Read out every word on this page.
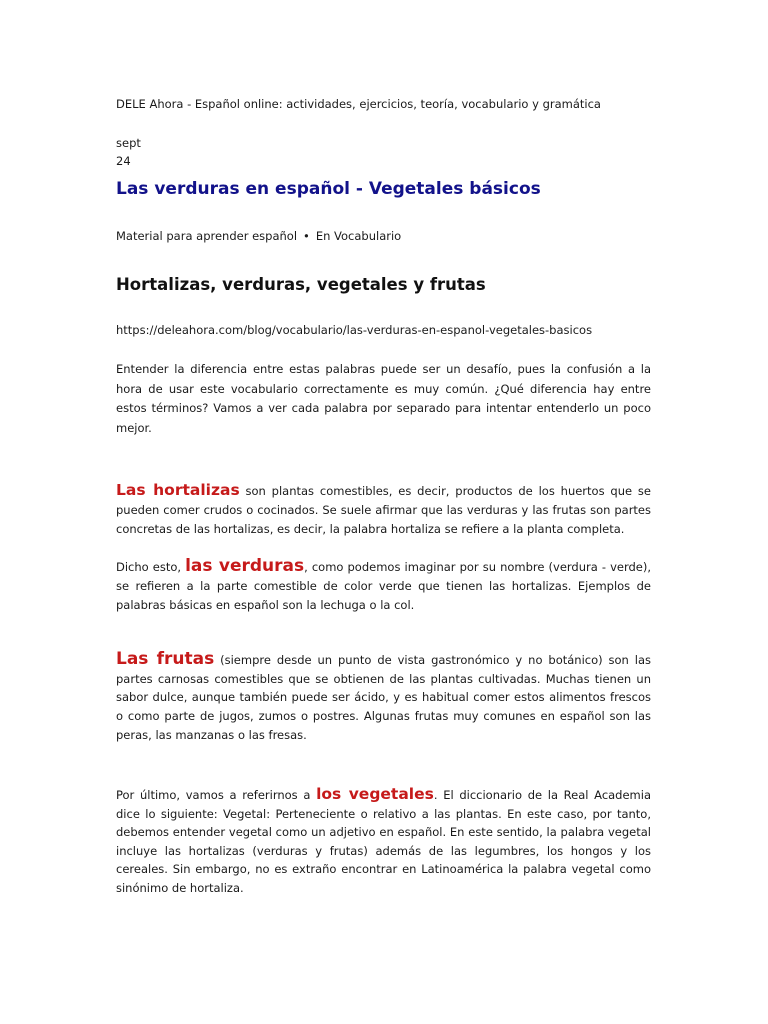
DELE Ahora - Español online: actividades, ejercicios, teoría, vocabulario y gramática
sept
24
Las verduras en español - Vegetales básicos
Material para aprender español • En Vocabulario
Hortalizas, verduras, vegetales y frutas
https://deleahora.com/blog/vocabulario/las-verduras-en-espanol-vegetales-basicos

Entender la diferencia entre estas palabras puede ser un desafío, pues la confusión a la hora de usar este vocabulario correctamente es muy común. ¿Qué diferencia hay entre estos términos? Vamos a ver cada palabra por separado para intentar entenderlo un poco mejor.

Las hortalizas son plantas comestibles, es decir, productos de los huertos que se pueden comer crudos o cocinados. Se suele afirmar que las verduras y las frutas son partes concretas de las hortalizas, es decir, la palabra hortaliza se refiere a la planta completa.

Dicho esto, las verduras, como podemos imaginar por su nombre (verdura - verde), se refieren a la parte comestible de color verde que tienen las hortalizas. Ejemplos de palabras básicas en español son la lechuga o la col.

Las frutas (siempre desde un punto de vista gastronómico y no botánico) son las partes carnosas comestibles que se obtienen de las plantas cultivadas. Muchas tienen un sabor dulce, aunque también puede ser ácido, y es habitual comer estos alimentos frescos o como parte de jugos, zumos o postres. Algunas frutas muy comunes en español son las peras, las manzanas o las fresas.

Por último, vamos a referirnos a los vegetales. El diccionario de la Real Academia dice lo siguiente: Vegetal: Perteneciente o relativo a las plantas. En este caso, por tanto, debemos entender vegetal como un adjetivo en español. En este sentido, la palabra vegetal incluye las hortalizas (verduras y frutas) además de las legumbres, los hongos y los cereales. Sin embargo, no es extraño encontrar en Latinoamérica la palabra vegetal como sinónimo de hortaliza.
